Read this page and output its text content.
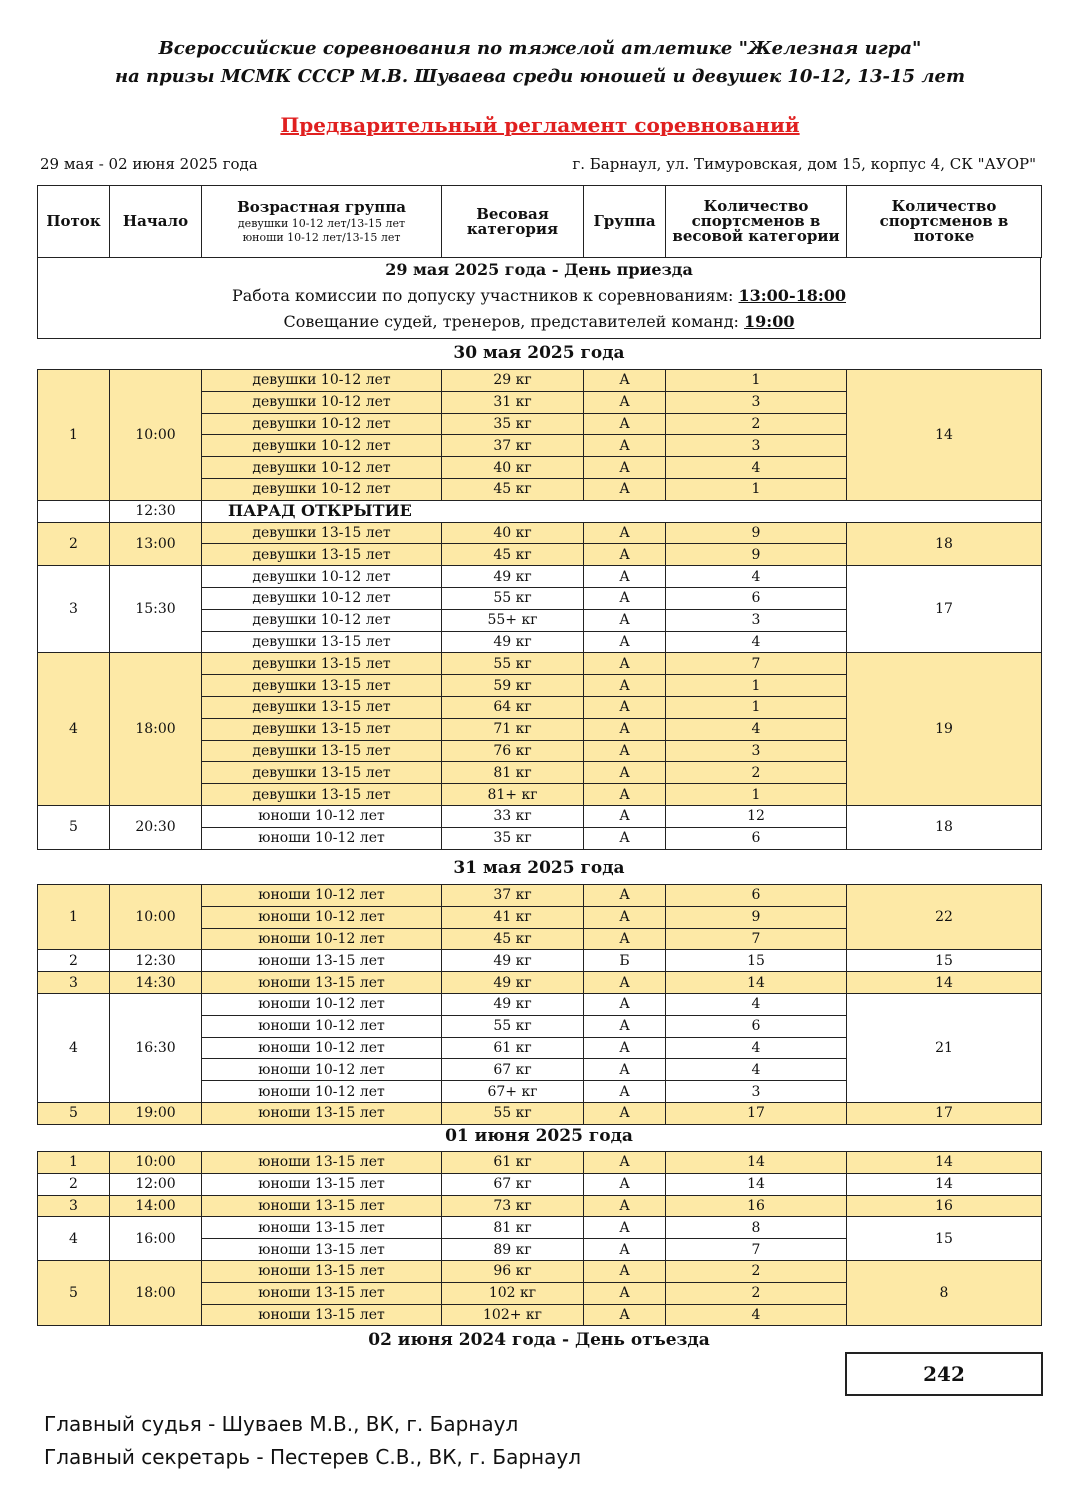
Всероссийские соревнования по тяжелой атлетике "Железная игра"
на призы МСМК СССР М.В. Шуваева среди юношей и девушек 10-12, 13-15 лет
Предварительный регламент соревнований
29 мая - 02 июня 2025 года	г. Барнаул, ул. Тимуровская, дом 15, корпус 4, СК "АУОР"
Поток	Начало	Возрастная группа
девушки 10-12 лет/13-15 лет
юноши 10-12 лет/13-15 лет
	Весовая категория	Группа	Количество спортсменов в весовой категории	Количество спортсменов в потоке
29 мая 2025 года - День приезда
Работа комиссии по допуску участников к соревнованиям: 13:00-18:00
Совещание судей, тренеров, представителей команд: 19:00
30 мая 2025 года
1	10:00	девушки 10-12 лет	29 кг	А	1	14
		девушки 10-12 лет	31 кг	А	3	
		девушки 10-12 лет	35 кг	А	2	
		девушки 10-12 лет	37 кг	А	3	
		девушки 10-12 лет	40 кг	А	4	
		девушки 10-12 лет	45 кг	А	1	
	12:30	ПАРАД ОТКРЫТИЕ				
2	13:00	девушки 13-15 лет	40 кг	А	9	18
		девушки 13-15 лет	45 кг	А	9	
3	15:30	девушки 10-12 лет	49 кг	А	4	17
		девушки 10-12 лет	55 кг	А	6	
		девушки 10-12 лет	55+ кг	А	3	
		девушки 13-15 лет	49 кг	А	4	
4	18:00	девушки 13-15 лет	55 кг	А	7	19
		девушки 13-15 лет	59 кг	А	1	
		девушки 13-15 лет	64 кг	А	1	
		девушки 13-15 лет	71 кг	А	4	
		девушки 13-15 лет	76 кг	А	3	
		девушки 13-15 лет	81 кг	А	2	
		девушки 13-15 лет	81+ кг	А	1	
5	20:30	юноши 10-12 лет	33 кг	А	12	18
		юноши 10-12 лет	35 кг	А	6	
31 мая 2025 года
1	10:00	юноши 10-12 лет	37 кг	А	6	22
		юноши 10-12 лет	41 кг	А	9	
		юноши 10-12 лет	45 кг	А	7	
2	12:30	юноши 13-15 лет	49 кг	Б	15	15
3	14:30	юноши 13-15 лет	49 кг	А	14	14
4	16:30	юноши 10-12 лет	49 кг	А	4	21
		юноши 10-12 лет	55 кг	А	6	
		юноши 10-12 лет	61 кг	А	4	
		юноши 10-12 лет	67 кг	А	4	
		юноши 10-12 лет	67+ кг	А	3	
5	19:00	юноши 13-15 лет	55 кг	А	17	17
01 июня 2025 года
1	10:00	юноши 13-15 лет	61 кг	А	14	14
2	12:00	юноши 13-15 лет	67 кг	А	14	14
3	14:00	юноши 13-15 лет	73 кг	А	16	16
4	16:00	юноши 13-15 лет	81 кг	А	8	15
		юноши 13-15 лет	89 кг	А	7	
5	18:00	юноши 13-15 лет	96 кг	А	2	8
		юноши 13-15 лет	102 кг	А	2	
		юноши 13-15 лет	102+ кг	А	4	
02 июня 2024 года - День отъезда
242
Главный судья - Шуваев М.В., ВК, г. Барнаул
Главный секретарь - Пестерев С.В., ВК, г. Барнаул
